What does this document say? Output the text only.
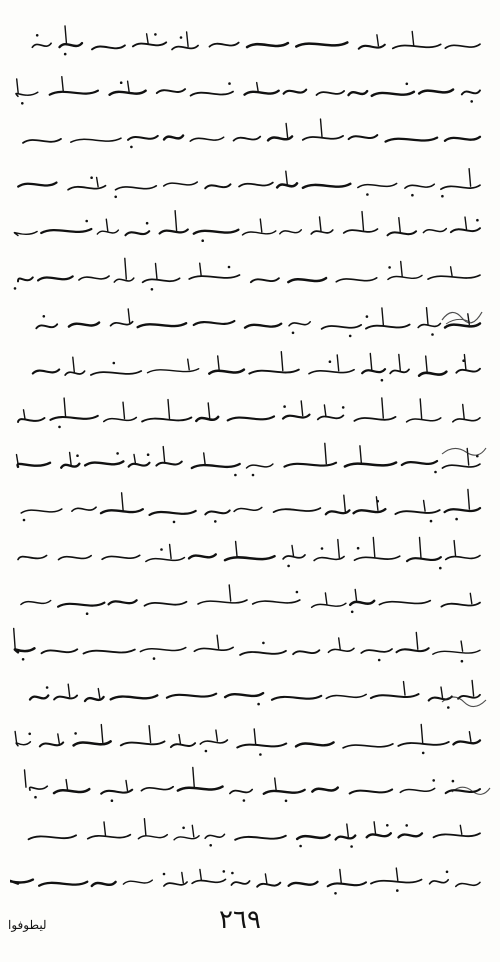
٢٦٩
لیطوفوا
